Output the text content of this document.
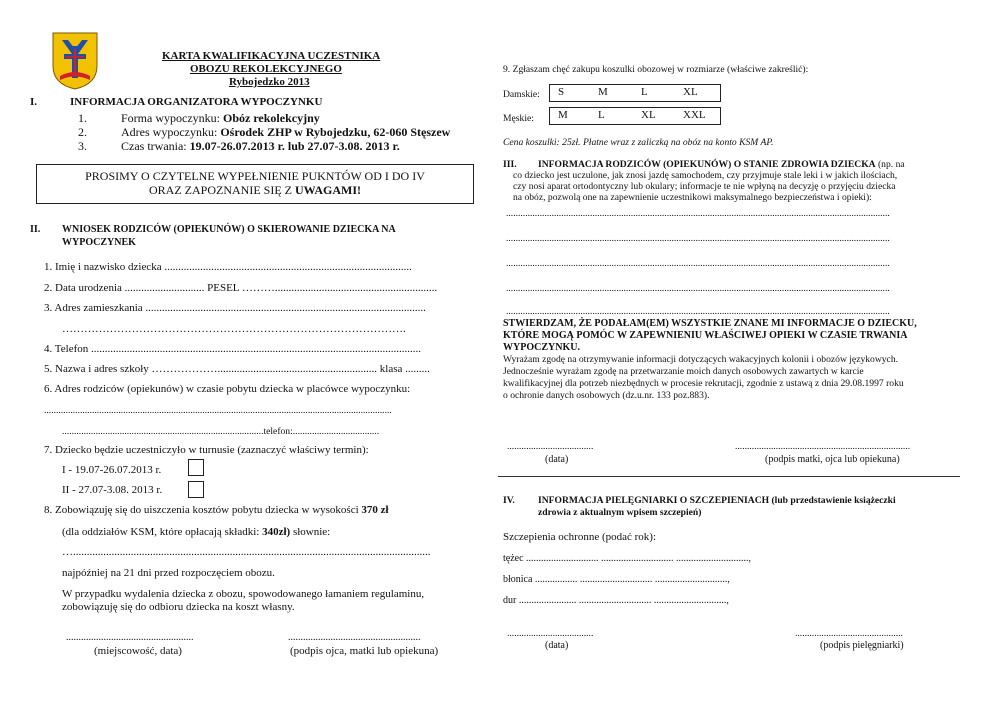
KARTA KWALIFIKACYJNA UCZESTNIKA
OBOZU REKOLEKCYJNEGO
Rybojedzko 2013
I.	INFORMACJA ORGANIZATORA WYPOCZYNKU
1.	Forma wypoczynku: Obóz rekolekcyjny
2.	Adres wypoczynku: Ośrodek ZHP w Rybojedzku, 62-060 Stęszew
3.	Czas trwania: 19.07-26.07.2013 r. lub 27.07-3.08. 2013 r.
PROSIMY O CZYTELNE WYPEŁNIENIE PUKNTÓW OD I DO IV
ORAZ ZAPOZNANIE SIĘ Z UWAGAMI!
II. WNIOSEK RODZICÓW (OPIEKUNÓW) O SKIEROWANIE DZIECKA NA
WYPOCZYNEK
1. Imię i nazwisko dziecka ..........................................................................................
2. Data urodzenia ............................. PESEL ………...........................................................
3. Adres zamieszkania ......................................................................................................
………………………………………………………………………………….
4. Telefon ........................................................................................................................
5. Nazwa i adres szkoły ……………….......................................................... klasa .........
6. Adres rodziców (opiekunów) w czasie pobytu dziecka w placówce wypoczynku:
.................................................................................................................................................
....................................................................................telefon:....................................
7. Dziecko będzie uczestniczyło w turnusie (zaznaczyć właściwy termin):
I - 19.07-26.07.2013 r.
II - 27.07-3.08. 2013 r.
8. Zobowiązuję się do uiszczenia kosztów pobytu dziecka w wysokości 370 zł
(dla oddziałów KSM, które opłacają składki: 340zł) słownie:
…..................................................................................................................................
najpóźniej na 21 dni przed rozpoczęciem obozu.
W przypadku wydalenia dziecka z obozu, spowodowanego łamaniem regulaminu,
zobowiązuję się do odbioru dziecka na koszt własny.
...................................................
(miejscowość, data)
.....................................................
(podpis ojca, matki lub opiekuna)
9. Zgłaszam chęć zakupu koszulki obozowej w rozmiarze (właściwe zakreślić):
Damskie: S	M	L	XL
Męskie: M	L	XL XXL
Cena koszulki: 25zł. Płatne wraz z zaliczką na obóz na konto KSM AP.
III. INFORMACJA RODZICÓW (OPIEKUNÓW) O STANIE ZDROWIA DZIECKA (np. na
co dziecko jest uczulone, jak znosi jazdę samochodem, czy przyjmuje stale leki i w jakich ilościach,
czy nosi aparat ortodontyczny lub okulary; informacje te nie wpłyną na decyzję o przyjęciu dziecka
na obóz, pozwolą one na zapewnienie uczestnikowi maksymalnego bezpieczeństwa i opieki):
................................................................................................................................................................
................................................................................................................................................................
................................................................................................................................................................
................................................................................................................................................................
................................................................................................................................................................
STWIERDZAM, ŻE PODAŁAM(EM) WSZYSTKIE ZNANE MI INFORMACJE O DZIECKU,
KTÓRE MOGĄ POMÓC W ZAPEWNIENIU WŁAŚCIWEJ OPIEKI W CZASIE TRWANIA
WYPOCZYNKU.
Wyrażam zgodę na otrzymywanie informacji dotyczących wakacyjnych kolonii i obozów językowych.
Jednocześnie wyrażam zgodę na przetwarzanie moich danych osobowych zawartych w karcie
kwalifikacyjnej dla potrzeb niezbędnych w procesie rekrutacji, zgodnie z ustawą z dnia 29.08.1997 roku
o ochronie danych osobowych (dz.u.nr. 133 poz.883).
....................................
(data)
.........................................................................
(podpis matki, ojca lub opiekuna)
IV. INFORMACJA PIELĘGNIARKI O SZCZEPIENIACH (lub przedstawienie książeczki
zdrowia z aktualnym wpisem szczepień)
Szczepienia ochronne (podać rok):
tężec ............................. ............................. .............................,
błonica ................. ............................. .............................,
dur ....................... ............................. .............................,
....................................
(data)
.............................................
(podpis pielęgniarki)
